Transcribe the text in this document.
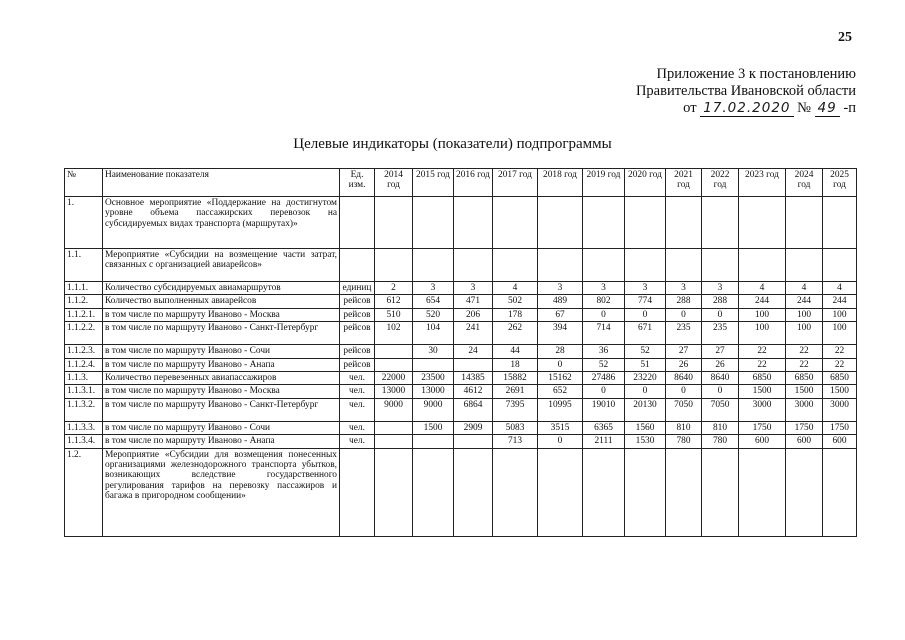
25
Приложение 3 к постановлению
Правительства Ивановской области
от 17.02.2020 № 49 -п
Целевые индикаторы (показатели) подпрограммы
№	Наименование показателя	Ед. изм.	2014 год	2015 год	2016 год	2017 год	2018 год	2019 год	2020 год	2021 год	2022 год	2023 год	2024 год	2025 год
1.	Основное мероприятие «Поддержание на достигнутом уровне объема пассажирских перевозок на субсидируемых видах транспорта (маршрутах)»													
1.1.	Мероприятие «Субсидии на возмещение части затрат, связанных с организацией авиарейсов»													
1.1.1.	Количество субсидируемых авиамаршрутов	единиц	2	3	3	4	3	3	3	3	3	4	4	4
1.1.2.	Количество выполненных авиарейсов	рейсов	612	654	471	502	489	802	774	288	288	244	244	244
1.1.2.1.	в том числе по маршруту Иваново - Москва	рейсов	510	520	206	178	67	0	0	0	0	100	100	100
1.1.2.2.	в том числе по маршруту Иваново - Санкт-Петербург	рейсов	102	104	241	262	394	714	671	235	235	100	100	100
1.1.2.3.	в том числе по маршруту Иваново - Сочи	рейсов		30	24	44	28	36	52	27	27	22	22	22
1.1.2.4.	в том числе по маршруту Иваново - Анапа	рейсов				18	0	52	51	26	26	22	22	22
1.1.3.	Количество перевезенных авиапассажиров	чел.	22000	23500	14385	15882	15162	27486	23220	8640	8640	6850	6850	6850
1.1.3.1.	в том числе по маршруту Иваново - Москва	чел.	13000	13000	4612	2691	652	0	0	0	0	1500	1500	1500
1.1.3.2.	в том числе по маршруту Иваново - Санкт-Петербург	чел.	9000	9000	6864	7395	10995	19010	20130	7050	7050	3000	3000	3000
1.1.3.3.	в том числе по маршруту Иваново - Сочи	чел.		1500	2909	5083	3515	6365	1560	810	810	1750	1750	1750
1.1.3.4.	в том числе по маршруту Иваново - Анапа	чел.				713	0	2111	1530	780	780	600	600	600
1.2.	Мероприятие «Субсидии для возмещения понесенных организациями железнодорожного транспорта убытков, возникающих вследствие государственного регулирования тарифов на перевозку пассажиров и багажа в пригородном сообщении»													
